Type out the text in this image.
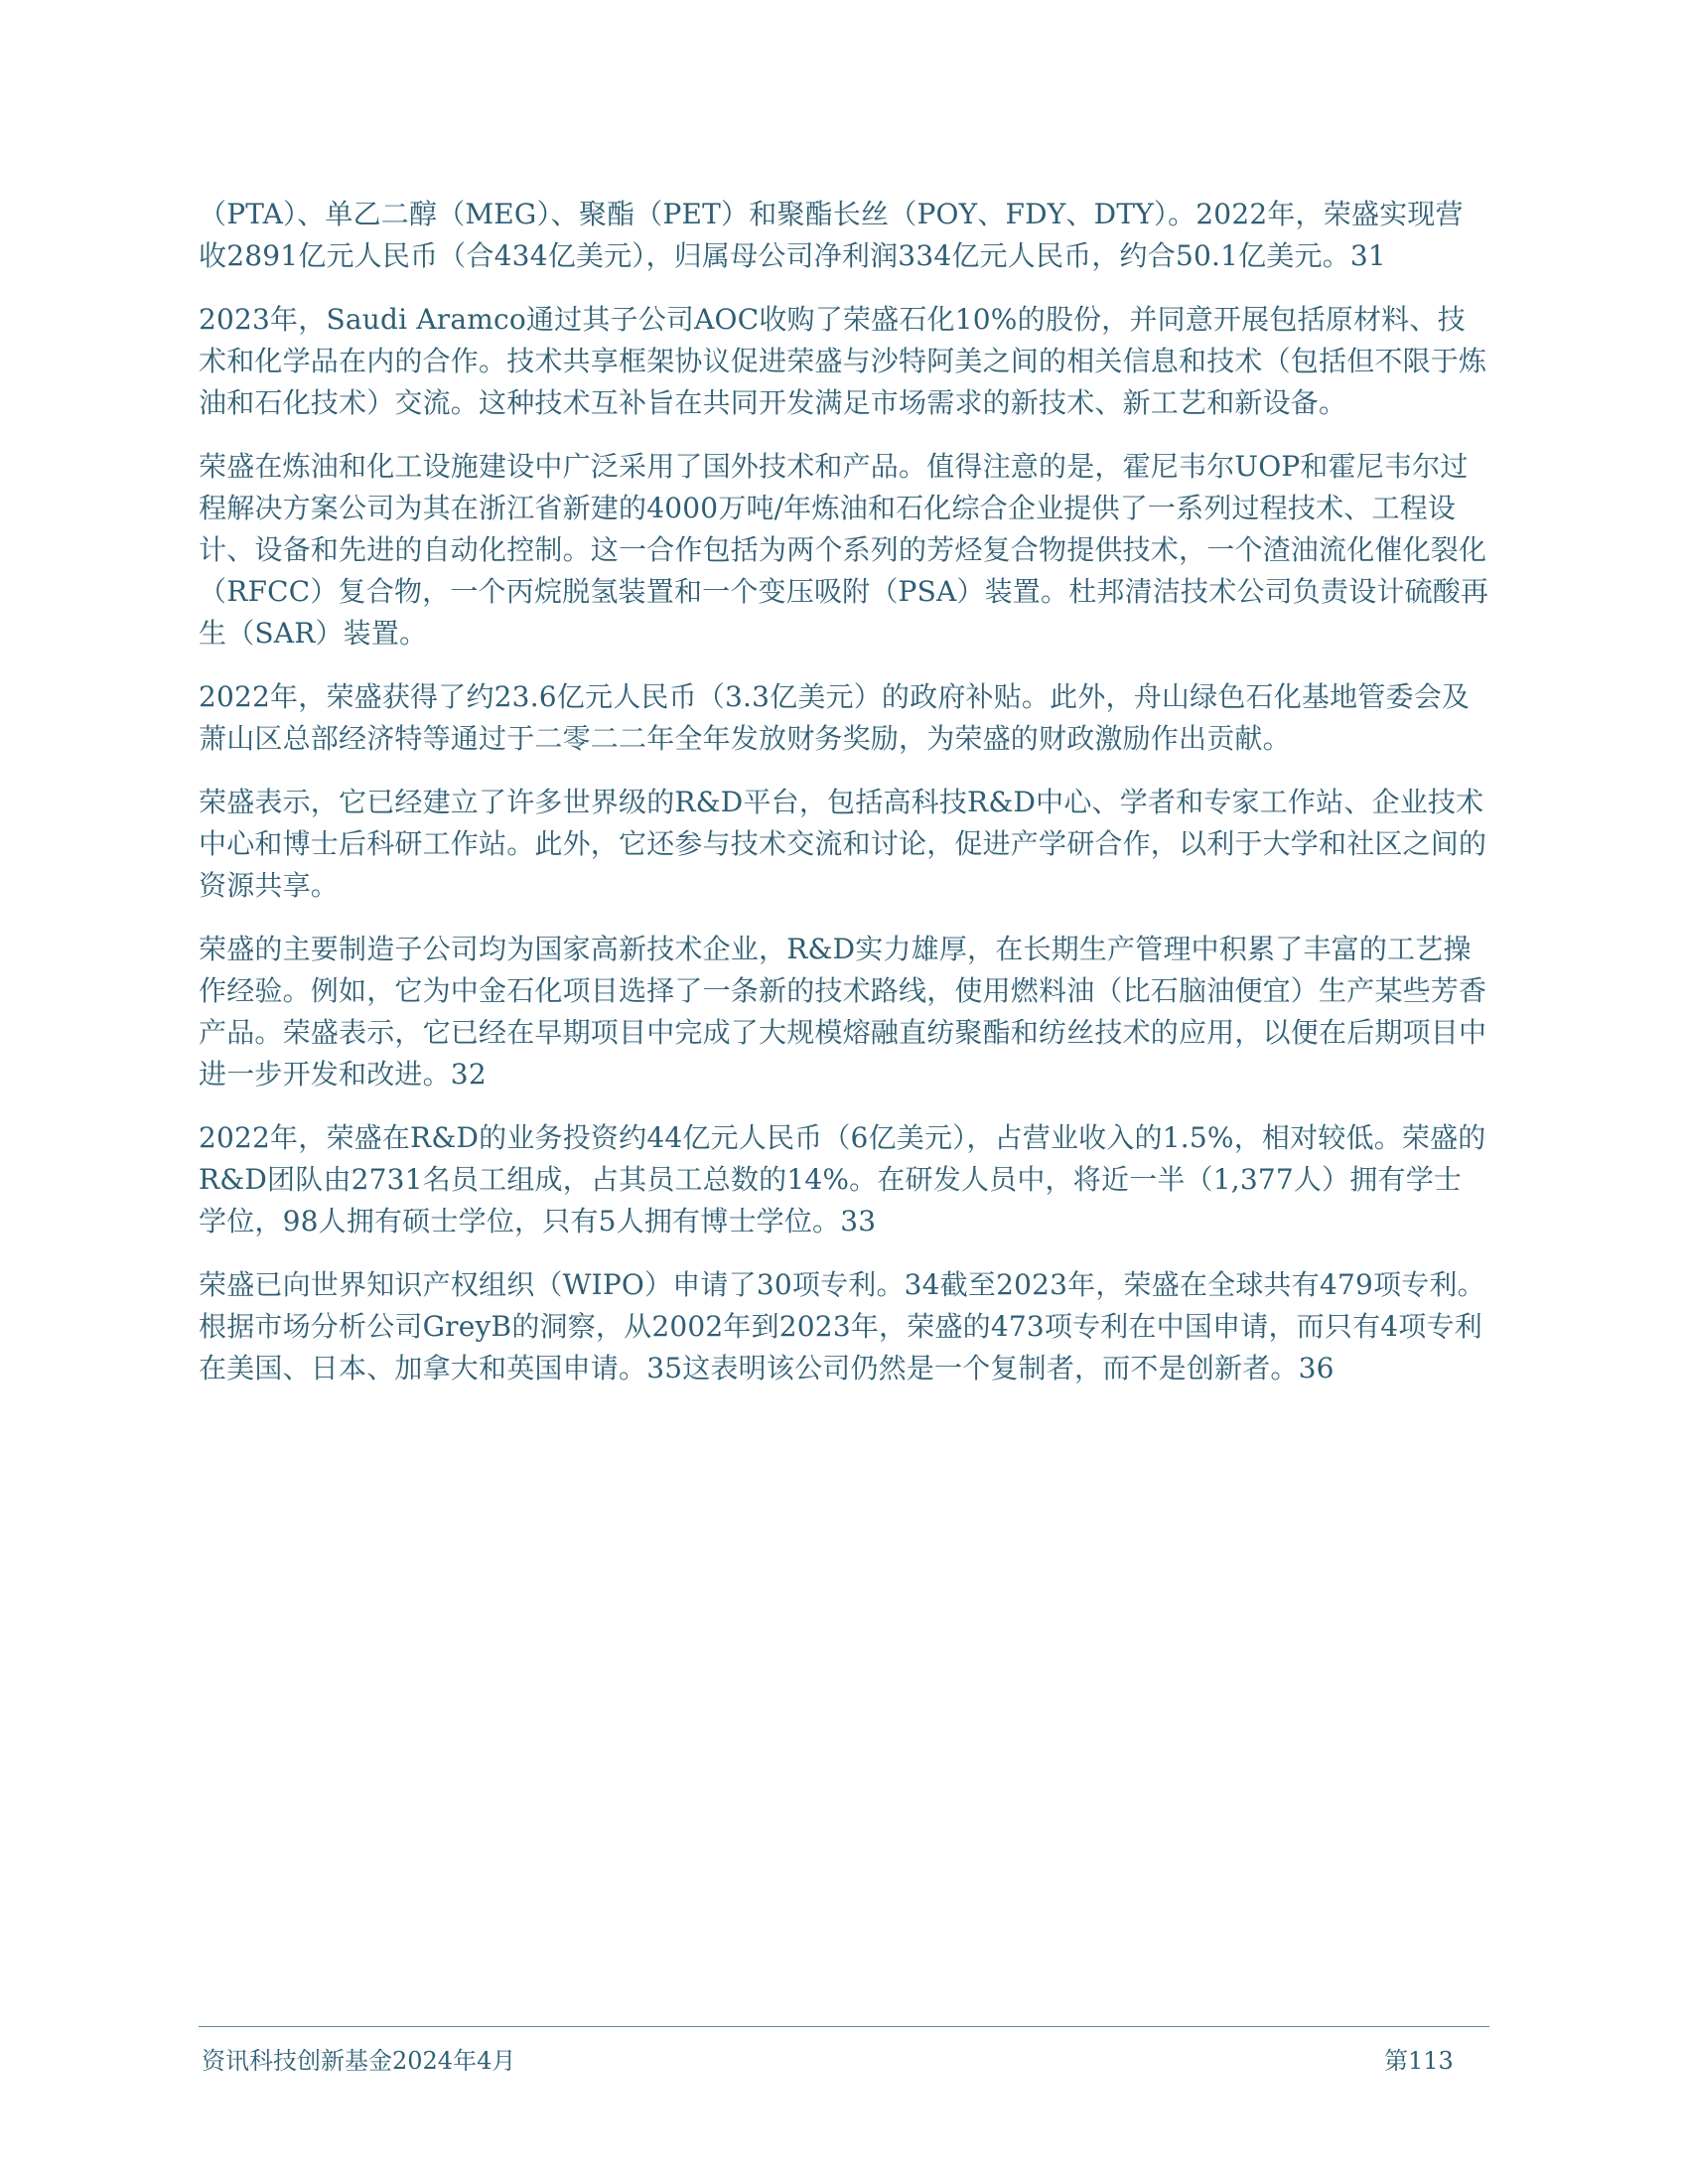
（PTA）、单乙二醇（MEG）、聚酯（PET）和聚酯长丝（POY、FDY、DTY）。2022年，荣盛实现营收2891亿元人民币（合434亿美元），归属母公司净利润334亿元人民币，约合50.1亿美元。31

2023年，Saudi Aramco通过其子公司AOC收购了荣盛石化10%的股份，并同意开展包括原材料、技术和化学品在内的合作。技术共享框架协议促进荣盛与沙特阿美之间的相关信息和技术（包括但不限于炼油和石化技术）交流。这种技术互补旨在共同开发满足市场需求的新技术、新工艺和新设备。

荣盛在炼油和化工设施建设中广泛采用了国外技术和产品。值得注意的是，霍尼韦尔UOP和霍尼韦尔过程解决方案公司为其在浙江省新建的4000万吨/年炼油和石化综合企业提供了一系列过程技术、工程设计、设备和先进的自动化控制。这一合作包括为两个系列的芳烃复合物提供技术，一个渣油流化催化裂化（RFCC）复合物，一个丙烷脱氢装置和一个变压吸附（PSA）装置。杜邦清洁技术公司负责设计硫酸再生（SAR）装置。

2022年，荣盛获得了约23.6亿元人民币（3.3亿美元）的政府补贴。此外，舟山绿色石化基地管委会及萧山区总部经济特等通过于二零二二年全年发放财务奖励，为荣盛的财政激励作出贡献。

荣盛表示，它已经建立了许多世界级的R&D平台，包括高科技R&D中心、学者和专家工作站、企业技术中心和博士后科研工作站。此外，它还参与技术交流和讨论，促进产学研合作，以利于大学和社区之间的资源共享。

荣盛的主要制造子公司均为国家高新技术企业，R&D实力雄厚，在长期生产管理中积累了丰富的工艺操作经验。例如，它为中金石化项目选择了一条新的技术路线，使用燃料油（比石脑油便宜）生产某些芳香产品。荣盛表示，它已经在早期项目中完成了大规模熔融直纺聚酯和纺丝技术的应用，以便在后期项目中进一步开发和改进。32

2022年，荣盛在R&D的业务投资约44亿元人民币（6亿美元），占营业收入的1.5%，相对较低。荣盛的R&D团队由2731名员工组成，占其员工总数的14%。在研发人员中，将近一半（1,377人）拥有学士学位，98人拥有硕士学位，只有5人拥有博士学位。33

荣盛已向世界知识产权组织（WIPO）申请了30项专利。34截至2023年，荣盛在全球共有479项专利。根据市场分析公司GreyB的洞察，从2002年到2023年，荣盛的473项专利在中国申请，而只有4项专利在美国、日本、加拿大和英国申请。35这表明该公司仍然是一个复制者，而不是创新者。36

资讯科技创新基金2024年4月	第113
